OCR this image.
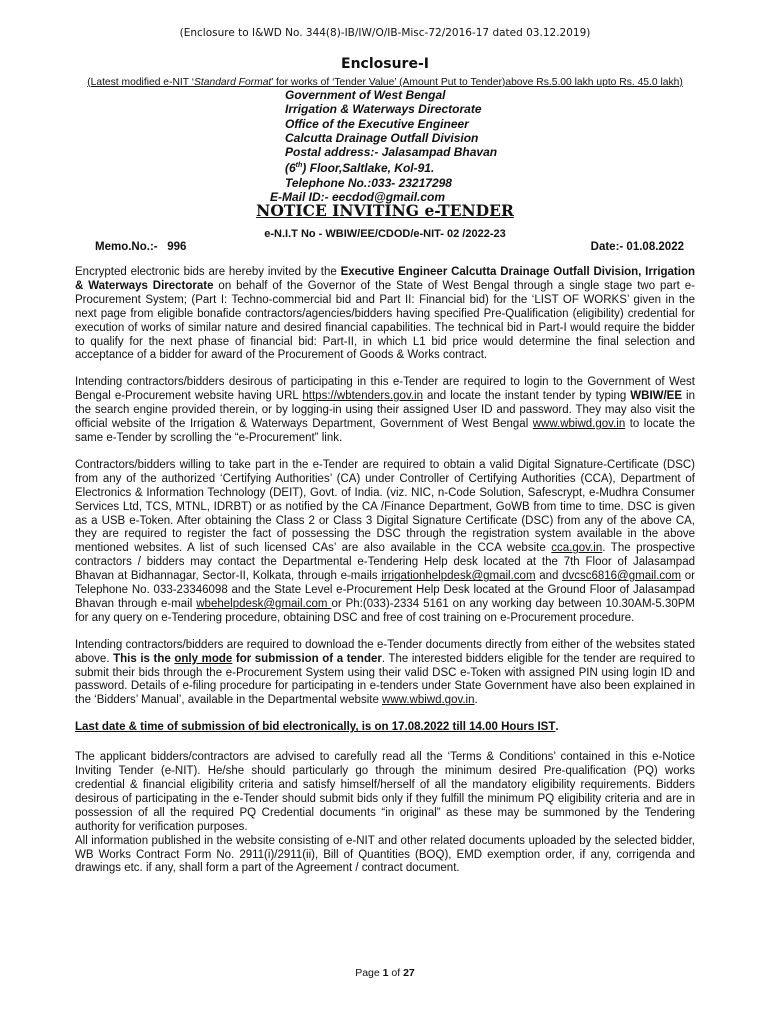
(Enclosure to I&WD No. 344(8)-IB/IW/O/IB-Misc-72/2016-17 dated 03.12.2019)
Enclosure-I
(Latest modified e-NIT ‘Standard Format’ for works of ‘Tender Value’ (Amount Put to Tender)above Rs.5.00 lakh upto Rs. 45.0 lakh)
Government of West Bengal
Irrigation & Waterways Directorate
Office of the Executive Engineer
Calcutta Drainage Outfall Division
Postal address:- Jalasampad Bhavan
(6th) Floor,Saltlake, Kol-91.
Telephone No.:033- 23217298
E-Mail ID:- eecdod@gmail.com
NOTICE INVITING e-TENDER
e-N.I.T No - WBIW/EE/CDOD/e-NIT- 02 /2022-23
Memo.No.:-   996	Date:- 01.08.2022

Encrypted electronic bids are hereby invited by the Executive Engineer Calcutta Drainage Outfall Division, Irrigation & Waterways Directorate on behalf of the Governor of the State of West Bengal through a single stage two part e-Procurement System; (Part I: Techno-commercial bid and Part II: Financial bid) for the ‘LIST OF WORKS’ given in the next page from eligible bonafide contractors/agencies/bidders having specified Pre-Qualification (eligibility) credential for execution of works of similar nature and desired financial capabilities. The technical bid in Part-I would require the bidder to qualify for the next phase of financial bid: Part-II, in which L1 bid price would determine the final selection and acceptance of a bidder for award of the Procurement of Goods & Works contract.

Intending contractors/bidders desirous of participating in this e-Tender are required to login to the Government of West Bengal e-Procurement website having URL https://wbtenders.gov.in and locate the instant tender by typing WBIW/EE in the search engine provided therein, or by logging-in using their assigned User ID and password. They may also visit the official website of the Irrigation & Waterways Department, Government of West Bengal www.wbiwd.gov.in to locate the same e-Tender by scrolling the “e-Procurement” link.

Contractors/bidders willing to take part in the e-Tender are required to obtain a valid Digital Signature-Certificate (DSC) from any of the authorized ‘Certifying Authorities’ (CA) under Controller of Certifying Authorities (CCA), Department of Electronics & Information Technology (DEIT), Govt. of India. (viz. NIC, n-Code Solution, Safescrypt, e-Mudhra Consumer Services Ltd, TCS, MTNL, IDRBT) or as notified by the CA /Finance Department, GoWB from time to time. DSC is given as a USB e-Token. After obtaining the Class 2 or Class 3 Digital Signature Certificate (DSC) from any of the above CA, they are required to register the fact of possessing the DSC through the registration system available in the above mentioned websites. A list of such licensed CAs’ are also available in the CCA website cca.gov.in. The prospective contractors / bidders may contact the Departmental e-Tendering Help desk located at the 7th Floor of Jalasampad Bhavan at Bidhannagar, Sector-II, Kolkata, through e-mails irrigationhelpdesk@gmail.com and dvcsc6816@gmail.com or Telephone No. 033-23346098 and the State Level e-Procurement Help Desk located at the Ground Floor of Jalasampad Bhavan through e-mail wbehelpdesk@gmail.com or Ph:(033)-2334 5161 on any working day between 10.30AM-5.30PM for any query on e-Tendering procedure, obtaining DSC and free of cost training on e-Procurement procedure.

Intending contractors/bidders are required to download the e-Tender documents directly from either of the websites stated above. This is the only mode for submission of a tender. The interested bidders eligible for the tender are required to submit their bids through the e-Procurement System using their valid DSC e-Token with assigned PIN using login ID and password. Details of e-filing procedure for participating in e-tenders under State Government have also been explained in the ‘Bidders’ Manual’, available in the Departmental website www.wbiwd.gov.in.

Last date & time of submission of bid electronically, is on 17.08.2022 till 14.00 Hours IST.

The applicant bidders/contractors are advised to carefully read all the ‘Terms & Conditions’ contained in this e-Notice Inviting Tender (e-NIT). He/she should particularly go through the minimum desired Pre-qualification (PQ) works credential & financial eligibility criteria and satisfy himself/herself of all the mandatory eligibility requirements. Bidders desirous of participating in the e-Tender should submit bids only if they fulfill the minimum PQ eligibility criteria and are in possession of all the required PQ Credential documents “in original” as these may be summoned by the Tendering authority for verification purposes.

All information published in the website consisting of e-NIT and other related documents uploaded by the selected bidder, WB Works Contract Form No. 2911(i)/2911(ii), Bill of Quantities (BOQ), EMD exemption order, if any, corrigenda and drawings etc. if any, shall form a part of the Agreement / contract document.

Page 1 of 27
